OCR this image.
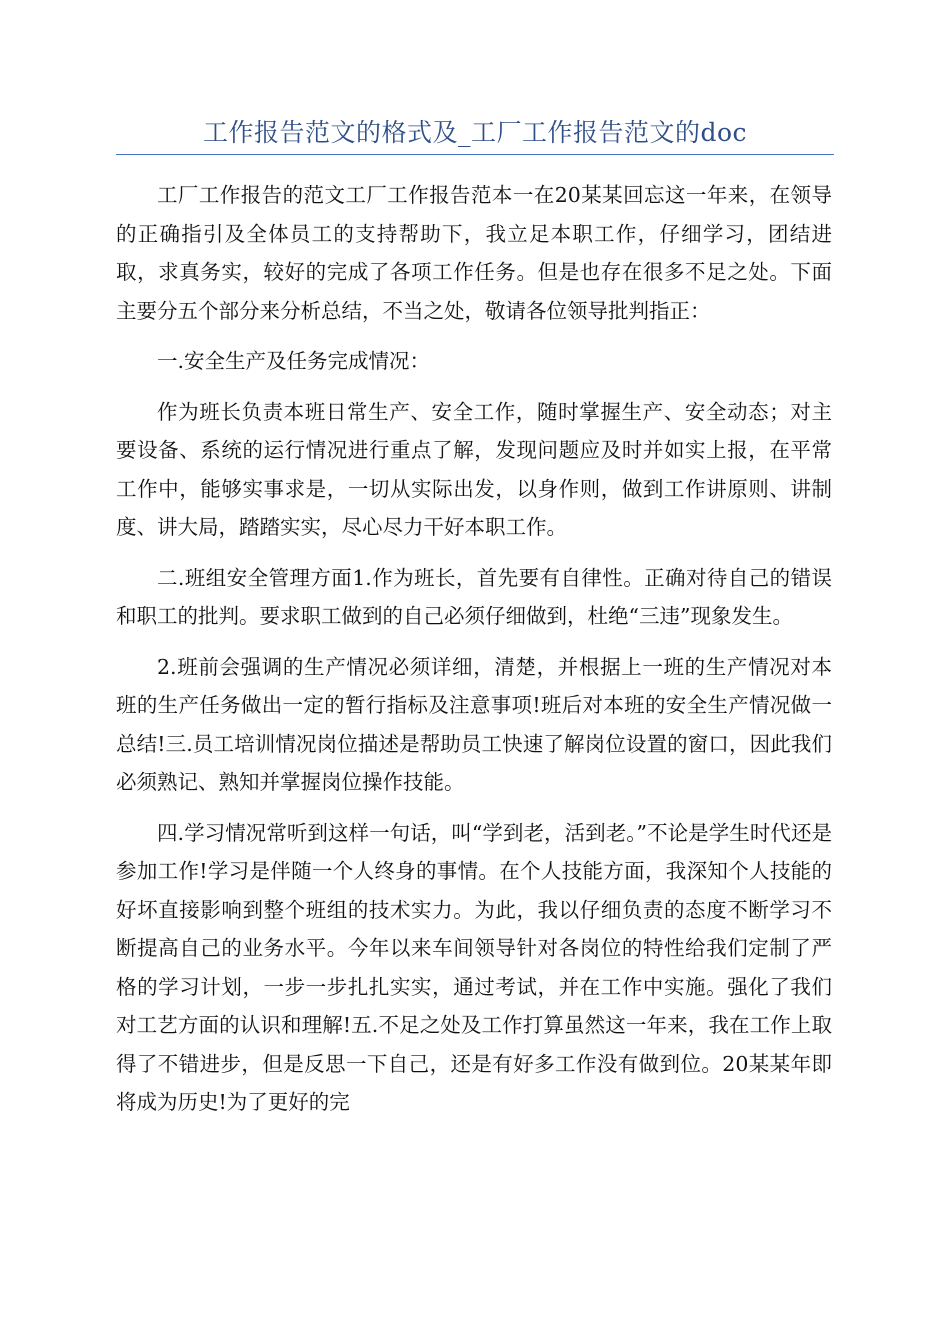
工作报告范文的格式及_工厂工作报告范文的doc

工厂工作报告的范文工厂工作报告范本一在20某某回忘这一年来，在领导的正确指引及全体员工的支持帮助下，我立足本职工作，仔细学习，团结进取，求真务实，较好的完成了各项工作任务。但是也存在很多不足之处。下面主要分五个部分来分析总结，不当之处，敬请各位领导批判指正：

一.安全生产及任务完成情况：

作为班长负责本班日常生产、安全工作，随时掌握生产、安全动态；对主要设备、系统的运行情况进行重点了解，发现问题应及时并如实上报，在平常工作中，能够实事求是，一切从实际出发，以身作则，做到工作讲原则、讲制度、讲大局，踏踏实实，尽心尽力干好本职工作。

二.班组安全管理方面1.作为班长，首先要有自律性。正确对待自己的错误和职工的批判。要求职工做到的自己必须仔细做到，杜绝“三违”现象发生。

2.班前会强调的生产情况必须详细，清楚，并根据上一班的生产情况对本班的生产任务做出一定的暂行指标及注意事项!班后对本班的安全生产情况做一总结!三.员工培训情况岗位描述是帮助员工快速了解岗位设置的窗口，因此我们必须熟记、熟知并掌握岗位操作技能。

四.学习情况常听到这样一句话，叫“学到老，活到老。”不论是学生时代还是参加工作!学习是伴随一个人终身的事情。在个人技能方面，我深知个人技能的好坏直接影响到整个班组的技术实力。为此，我以仔细负责的态度不断学习不断提高自己的业务水平。今年以来车间领导针对各岗位的特性给我们定制了严格的学习计划，一步一步扎扎实实，通过考试，并在工作中实施。强化了我们对工艺方面的认识和理解!五.不足之处及工作打算虽然这一年来，我在工作上取得了不错进步，但是反思一下自己，还是有好多工作没有做到位。20某某年即将成为历史!为了更好的完
